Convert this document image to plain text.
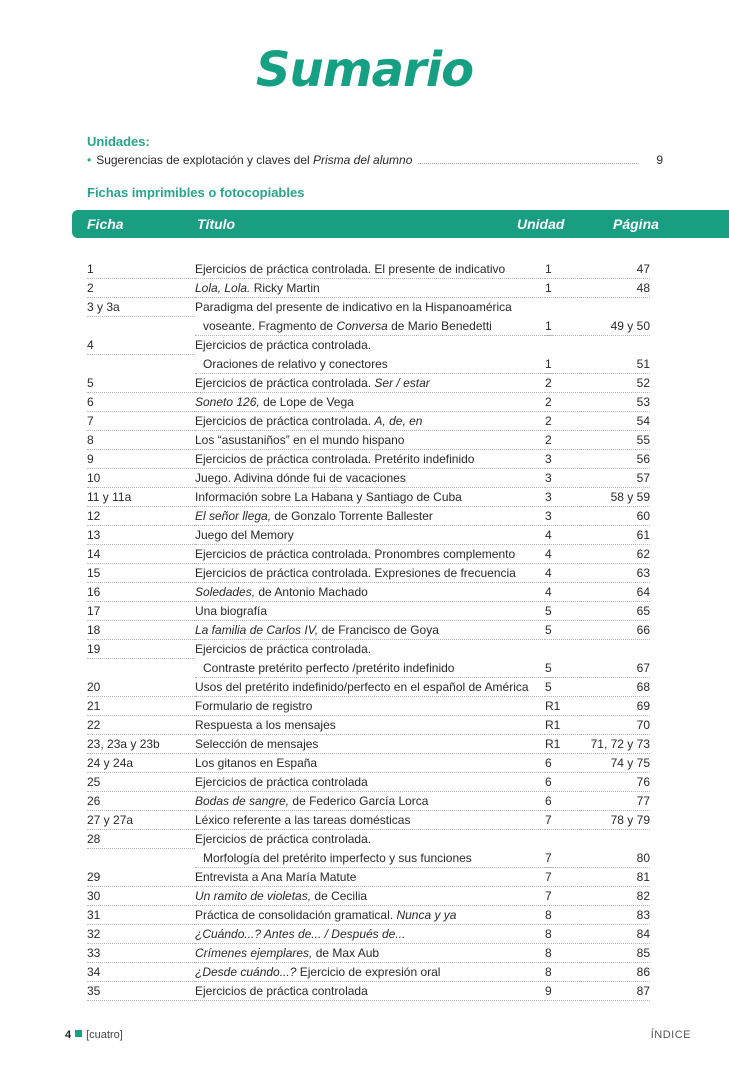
Sumario
Unidades:
• Sugerencias de explotación y claves del Prisma del alumno	9
Fichas imprimibles o fotocopiables
Ficha	Título	Unidad	Página
1	Ejercicios de práctica controlada. El presente de indicativo	1	47
2	Lola, Lola. Ricky Martin	1	48
3 y 3a	Paradigma del presente de indicativo en la Hispanoamérica
voseante. Fragmento de Conversa de Mario Benedetti	1	49 y 50
4	Ejercicios de práctica controlada.
Oraciones de relativo y conectores	1	51
5	Ejercicios de práctica controlada. Ser / estar	2	52
6	Soneto 126, de Lope de Vega	2	53
7	Ejercicios de práctica controlada. A, de, en	2	54
8	Los “asustaniños” en el mundo hispano	2	55
9	Ejercicios de práctica controlada. Pretérito indefinido	3	56
10	Juego. Adivina dónde fui de vacaciones	3	57
11 y 11a	Información sobre La Habana y Santiago de Cuba	3	58 y 59
12	El señor llega, de Gonzalo Torrente Ballester	3	60
13	Juego del Memory	4	61
14	Ejercicios de práctica controlada. Pronombres complemento	4	62
15	Ejercicios de práctica controlada. Expresiones de frecuencia	4	63
16	Soledades, de Antonio Machado	4	64
17	Una biografía	5	65
18	La familia de Carlos IV, de Francisco de Goya	5	66
19	Ejercicios de práctica controlada.
Contraste pretérito perfecto /pretérito indefinido	5	67
20	Usos del pretérito indefinido/perfecto en el español de América	5	68
21	Formulario de registro	R1	69
22	Respuesta a los mensajes	R1	70
23, 23a y 23b	Selección de mensajes	R1	71, 72 y 73
24 y 24a	Los gitanos en España	6	74 y 75
25	Ejercicios de práctica controlada	6	76
26	Bodas de sangre, de Federico García Lorca	6	77
27 y 27a	Léxico referente a las tareas domésticas	7	78 y 79
28	Ejercicios de práctica controlada.
Morfología del pretérito imperfecto y sus funciones	7	80
29	Entrevista a Ana María Matute	7	81
30	Un ramito de violetas, de Cecilia	7	82
31	Práctica de consolidación gramatical. Nunca y ya	8	83
32	¿Cuándo...? Antes de... / Después de...	8	84
33	Crímenes ejemplares, de Max Aub	8	85
34	¿Desde cuándo...? Ejercicio de expresión oral	8	86
35	Ejercicios de práctica controlada	9	87
4 [cuatro]	ÍNDICE
